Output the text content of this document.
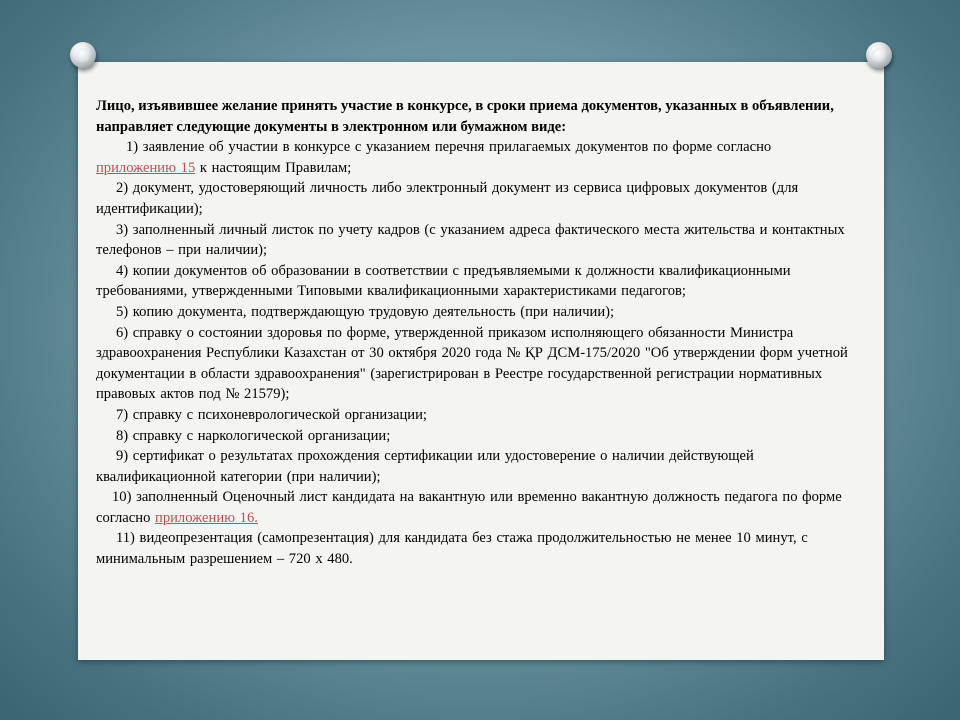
Лицо, изъявившее желание принять участие в конкурсе, в сроки приема документов, указанных в объявлении, направляет следующие документы в электронном или бумажном виде:

1) заявление об участии в конкурсе с указанием перечня прилагаемых документов по форме согласно приложению 15 к настоящим Правилам;

2) документ, удостоверяющий личность либо электронный документ из сервиса цифровых документов (для идентификации);

3) заполненный личный листок по учету кадров (с указанием адреса фактического места жительства и контактных телефонов – при наличии);

4) копии документов об образовании в соответствии с предъявляемыми к должности квалификационными требованиями, утвержденными Типовыми квалификационными характеристиками педагогов;

5) копию документа, подтверждающую трудовую деятельность (при наличии);

6) справку о состоянии здоровья по форме, утвержденной приказом исполняющего обязанности Министра здравоохранения Республики Казахстан от 30 октября 2020 года № ҚР ДСМ-175/2020 "Об утверждении форм учетной документации в области здравоохранения" (зарегистрирован в Реестре государственной регистрации нормативных правовых актов под № 21579);

7) справку с психоневрологической организации;

8) справку с наркологической организации;

9) сертификат о результатах прохождения сертификации или удостоверение о наличии действующей квалификационной категории (при наличии);

10) заполненный Оценочный лист кандидата на вакантную или временно вакантную должность педагога по форме согласно приложению 16.

11) видеопрезентация (самопрезентация) для кандидата без стажа продолжительностью не менее 10 минут, с минимальным разрешением – 720 х 480.
